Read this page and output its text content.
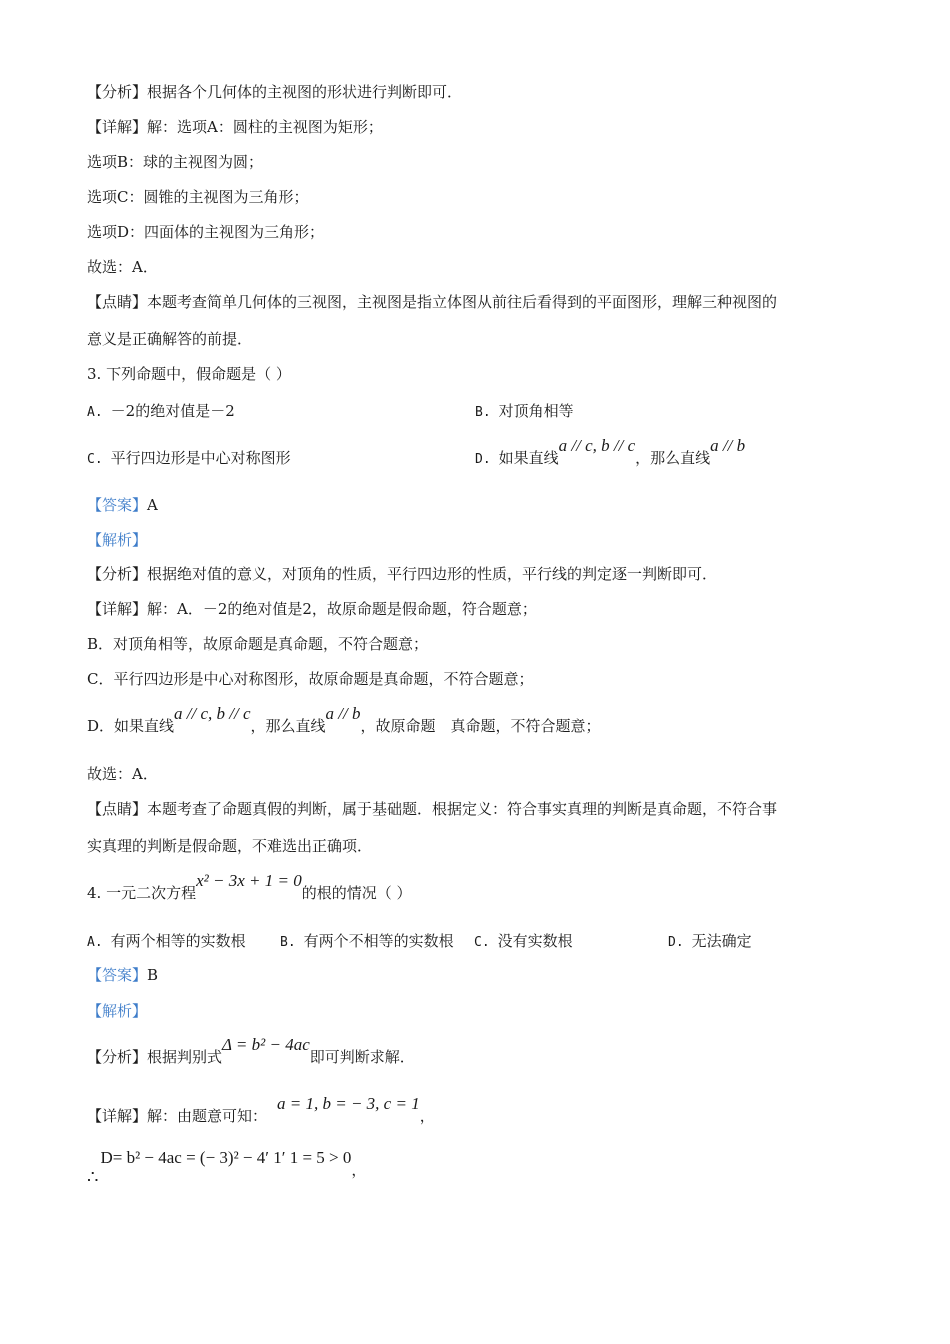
【分析】根据各个几何体的主视图的形状进行判断即可．
【详解】解：选项A：圆柱的主视图为矩形；
选项B：球的主视图为圆；
选项C：圆锥的主视图为三角形；
选项D：四面体的主视图为三角形；
故选：A．
【点睛】本题考查简单几何体的三视图，主视图是指立体图从前往后看得到的平面图形，理解三种视图的
意义是正确解答的前提．
3. 下列命题中，假命题是（ ）
A. －2的绝对值是－2	B. 对顶角相等
C. 平行四边形是中心对称图形	D. 如果直线a // c, b // c，那么直线a // b
【答案】A
【解析】
【分析】根据绝对值的意义，对顶角的性质，平行四边形的性质，平行线的判定逐一判断即可．
【详解】解：A．－2的绝对值是2，故原命题是假命题，符合题意；
B．对顶角相等，故原命题是真命题，不符合题意；
C．平行四边形是中心对称图形，故原命题是真命题，不符合题意；
D．如果直线a // c, b // c，那么直线a // b，故原命题　真命题，不符合题意；
故选：A．
【点睛】本题考查了命题真假的判断，属于基础题．根据定义：符合事实真理的判断是真命题，不符合事
实真理的判断是假命题，不难选出正确项．
4. 一元二次方程x² − 3x + 1 = 0的根的情况（ ）
A. 有两个相等的实数根	B. 有两个不相等的实数根 C. 没有实数根	D. 无法确定
【答案】B
【解析】
【分析】根据判别式Δ = b² − 4ac即可判断求解．
【详解】解：由题意可知：a = 1, b = − 3, c = 1，
∴D= b² − 4ac = (− 3)² − 4′ 1′ 1 = 5 > 0，
